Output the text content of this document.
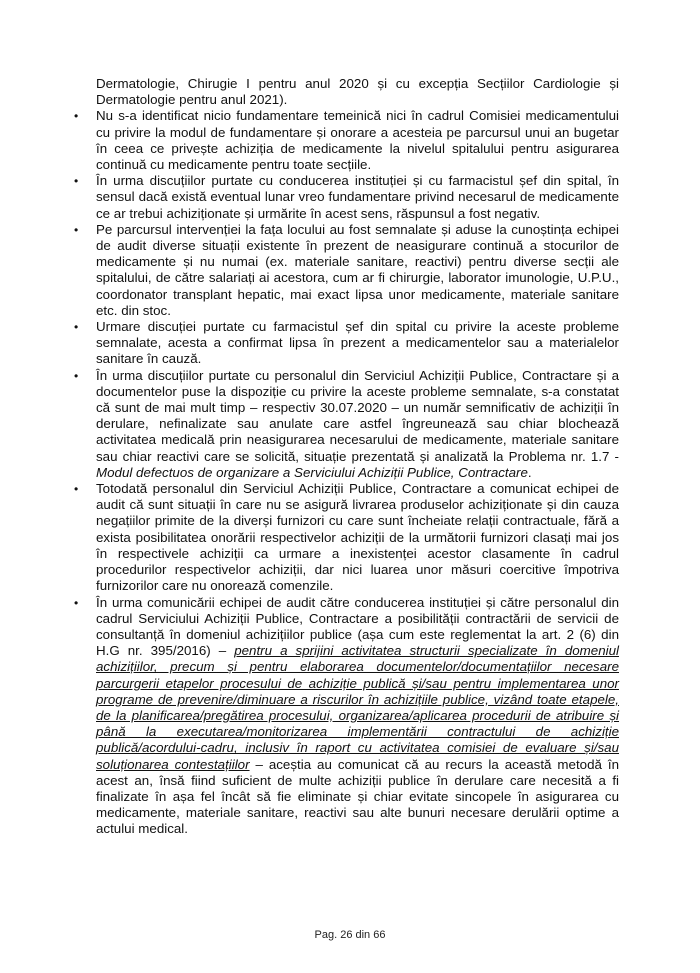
Dermatologie, Chirugie I pentru anul 2020 și cu excepția Secțiilor Cardiologie și Dermatologie pentru anul 2021).

• Nu s-a identificat nicio fundamentare temeinică nici în cadrul Comisiei medicamentului cu privire la modul de fundamentare și onorare a acesteia pe parcursul unui an bugetar în ceea ce privește achiziția de medicamente la nivelul spitalului pentru asigurarea continuă cu medicamente pentru toate secțiile.

• În urma discuțiilor purtate cu conducerea instituției și cu farmacistul șef din spital, în sensul dacă există eventual lunar vreo fundamentare privind necesarul de medicamente ce ar trebui achiziționate și urmărite în acest sens, răspunsul a fost negativ.

• Pe parcursul intervenției la fața locului au fost semnalate și aduse la cunoștința echipei de audit diverse situații existente în prezent de neasigurare continuă a stocurilor de medicamente și nu numai (ex. materiale sanitare, reactivi) pentru diverse secții ale spitalului, de către salariați ai acestora, cum ar fi chirurgie, laborator imunologie, U.P.U., coordonator transplant hepatic, mai exact lipsa unor medicamente, materiale sanitare etc. din stoc.

• Urmare discuției purtate cu farmacistul șef din spital cu privire la aceste probleme semnalate, acesta a confirmat lipsa în prezent a medicamentelor sau a materialelor sanitare în cauză.

• În urma discuțiilor purtate cu personalul din Serviciul Achiziții Publice, Contractare și a documentelor puse la dispoziție cu privire la aceste probleme semnalate, s-a constatat că sunt de mai mult timp – respectiv 30.07.2020 – un număr semnificativ de achiziții în derulare, nefinalizate sau anulate care astfel îngreunează sau chiar blochează activitatea medicală prin neasigurarea necesarului de medicamente, materiale sanitare sau chiar reactivi care se solicită, situație prezentată și analizată la Problema nr. 1.7 - Modul defectuos de organizare a Serviciului Achiziții Publice, Contractare.

• Totodată personalul din Serviciul Achiziții Publice, Contractare a comunicat echipei de audit că sunt situații în care nu se asigură livrarea produselor achiziționate și din cauza negațiilor primite de la diverși furnizori cu care sunt încheiate relații contractuale, fără a exista posibilitatea onorării respectivelor achiziții de la următorii furnizori clasați mai jos în respectivele achiziții ca urmare a inexistenței acestor clasamente în cadrul procedurilor respectivelor achiziții, dar nici luarea unor măsuri coercitive împotriva furnizorilor care nu onorează comenzile.

• În urma comunicării echipei de audit către conducerea instituției și către personalul din cadrul Serviciului Achiziții Publice, Contractare a posibilității contractării de servicii de consultanță în domeniul achizițiilor publice (așa cum este reglementat la art. 2 (6) din H.G nr. 395/2016) – pentru a sprijini activitatea structurii specializate în domeniul achizițiilor, precum și pentru elaborarea documentelor/documentațiilor necesare parcurgerii etapelor procesului de achiziție publică și/sau pentru implementarea unor programe de prevenire/diminuare a riscurilor în achizițiile publice, vizând toate etapele, de la planificarea/pregătirea procesului, organizarea/aplicarea procedurii de atribuire și până la executarea/monitorizarea implementării contractului de achiziție publică/acordului-cadru, inclusiv în raport cu activitatea comisiei de evaluare și/sau soluționarea contestațiilor – aceștia au comunicat că au recurs la această metodă în acest an, însă fiind suficient de multe achiziții publice în derulare care necesită a fi finalizate în așa fel încât să fie eliminate și chiar evitate sincopele în asigurarea cu medicamente, materiale sanitare, reactivi sau alte bunuri necesare derulării optime a actului medical.

Pag. 26 din 66
